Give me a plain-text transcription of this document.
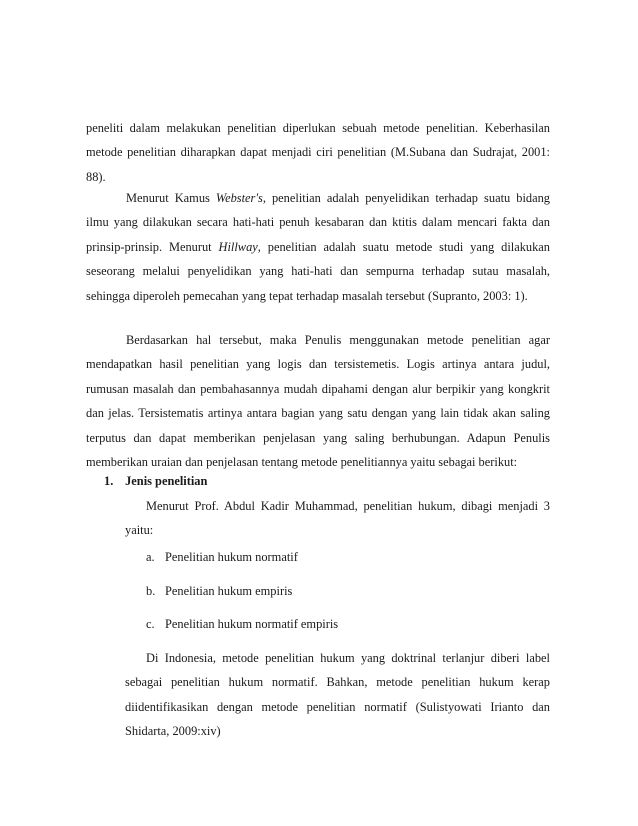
peneliti dalam melakukan penelitian diperlukan sebuah metode penelitian. Keberhasilan metode penelitian diharapkan dapat menjadi ciri penelitian (M.Subana dan Sudrajat, 2001: 88).

Menurut Kamus Webster's, penelitian adalah penyelidikan terhadap suatu bidang ilmu yang dilakukan secara hati-hati penuh kesabaran dan ktitis dalam mencari fakta dan prinsip-prinsip. Menurut Hillway, penelitian adalah suatu metode studi yang dilakukan seseorang melalui penyelidikan yang hati-hati dan sempurna terhadap sutau masalah, sehingga diperoleh pemecahan yang tepat terhadap masalah tersebut (Supranto, 2003: 1).

Berdasarkan hal tersebut, maka Penulis menggunakan metode penelitian agar mendapatkan hasil penelitian yang logis dan tersistemetis. Logis artinya antara judul, rumusan masalah dan pembahasannya mudah dipahami dengan alur berpikir yang kongkrit dan jelas. Tersistematis artinya antara bagian yang satu dengan yang lain tidak akan saling terputus dan dapat memberikan penjelasan yang saling berhubungan. Adapun Penulis memberikan uraian dan penjelasan tentang metode penelitiannya yaitu sebagai berikut:

1. Jenis penelitian

Menurut Prof. Abdul Kadir Muhammad, penelitian hukum, dibagi menjadi 3 yaitu:

a. Penelitian hukum normatif

b. Penelitian hukum empiris

c. Penelitian hukum normatif empiris

Di Indonesia, metode penelitian hukum yang doktrinal terlanjur diberi label sebagai penelitian hukum normatif. Bahkan, metode penelitian hukum kerap diidentifikasikan dengan metode penelitian normatif (Sulistyowati Irianto dan Shidarta, 2009:xiv)
